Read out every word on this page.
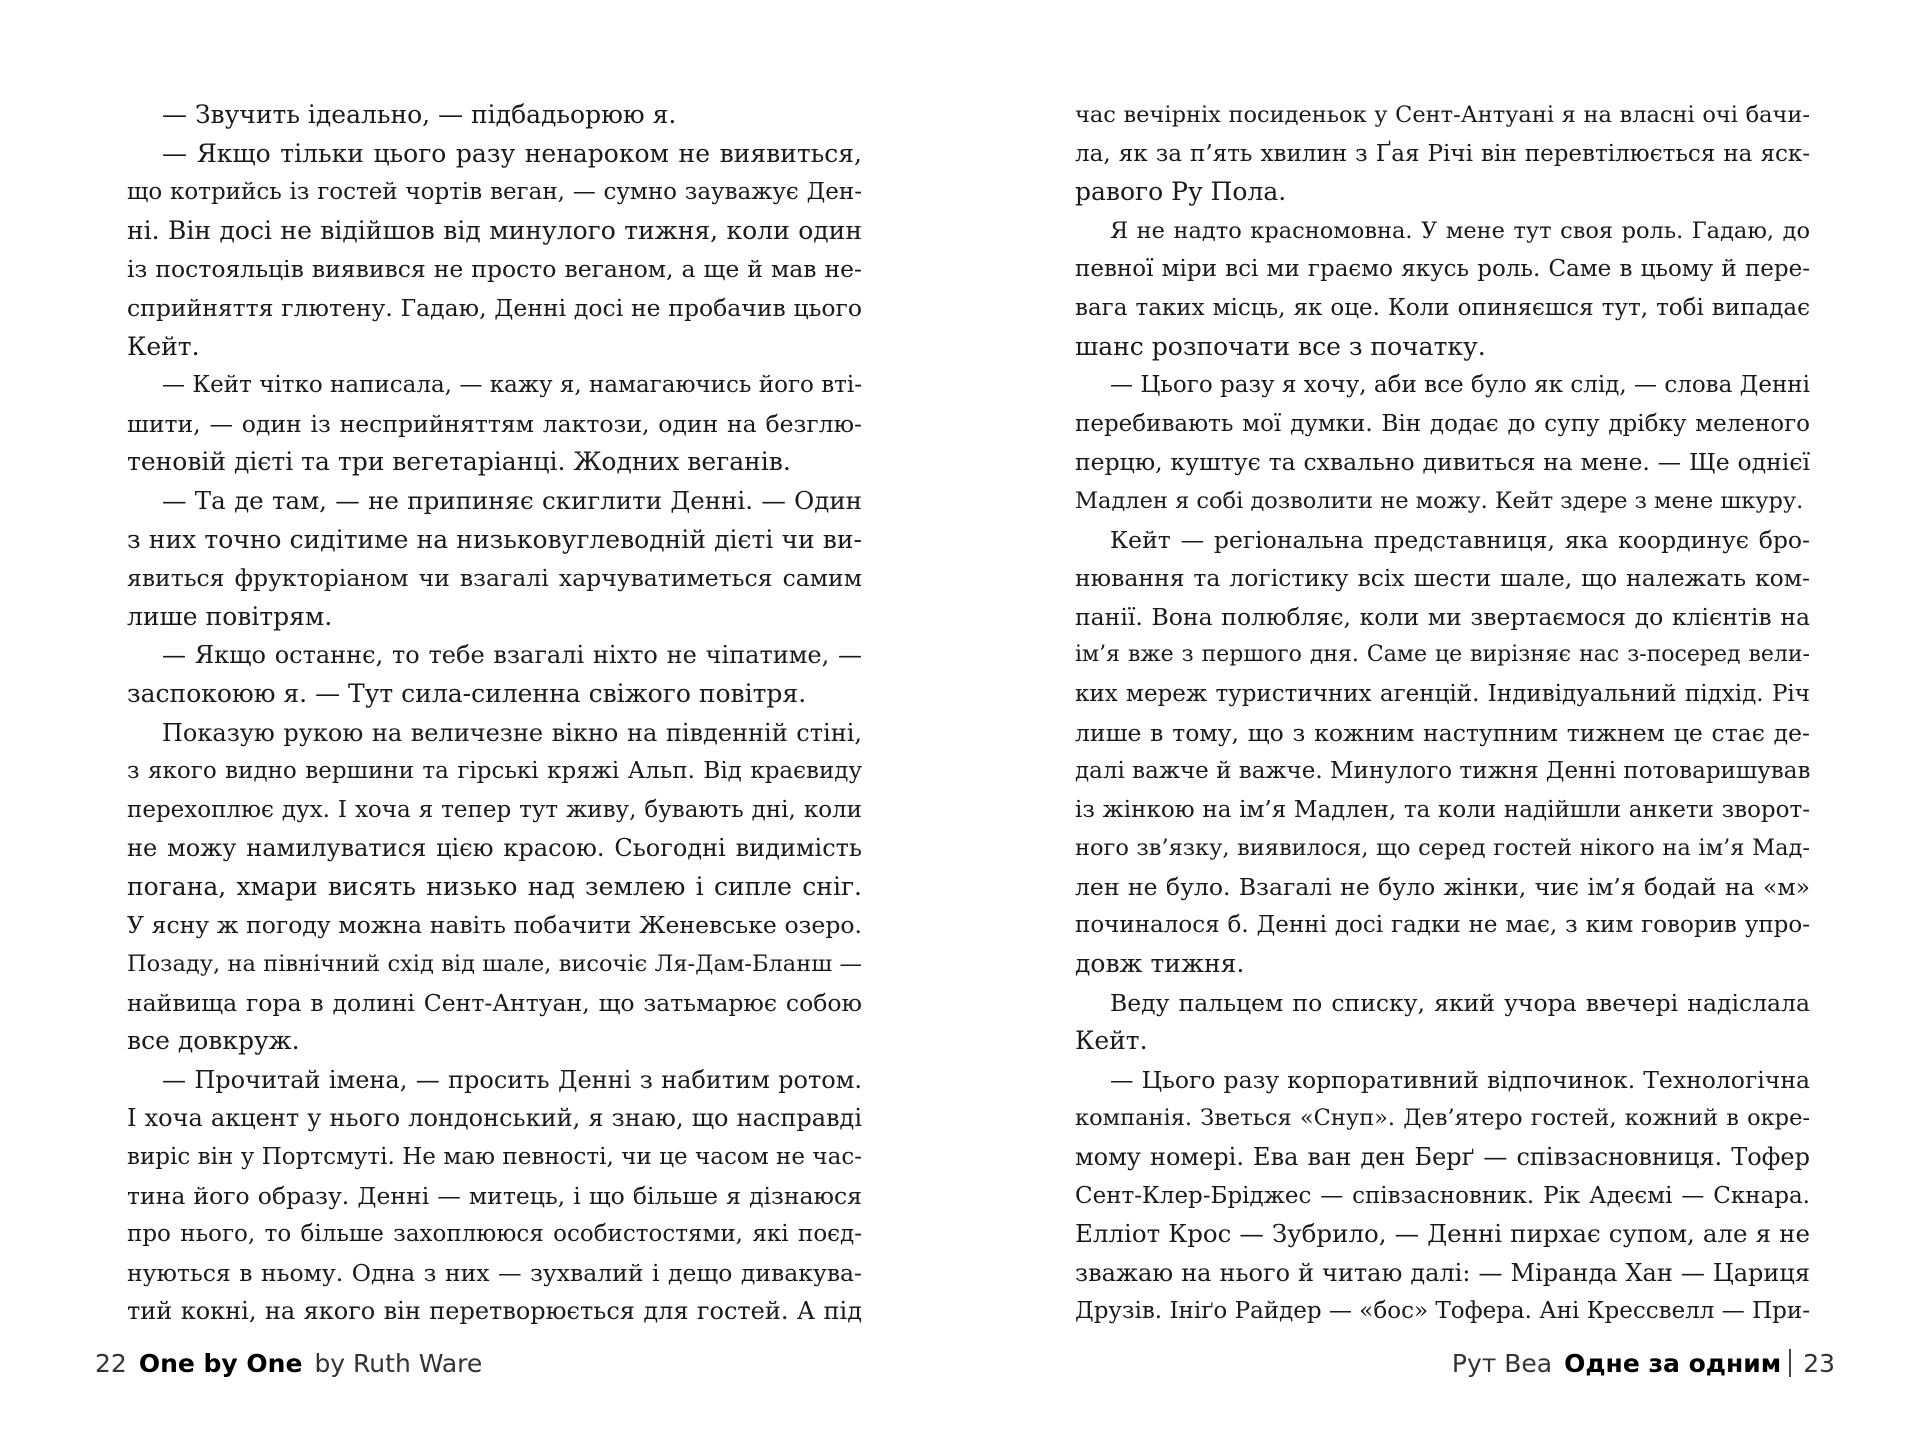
— Звучить ідеально, — підбадьорюю я.

— Якщо тільки цього разу ненароком не виявиться,

що котрийсь із гостей чортів веган, — сумно зауважує Ден-

ні. Він досі не відійшов від минулого тижня, коли один

із постояльців виявився не просто веганом, а ще й мав не-

сприйняття глютену. Гадаю, Денні досі не пробачив цього

Кейт.

— Кейт чітко написала, — кажу я, намагаючись його вті-

шити, — один із несприйняттям лактози, один на безглю-

теновій дієті та три вегетаріанці. Жодних веганів.

— Та де там, — не припиняє скиглити Денні. — Один

з них точно сидітиме на низьковуглеводній дієті чи ви-

явиться фрукторіаном чи взагалі харчуватиметься самим

лише повітрям.

— Якщо останнє, то тебе взагалі ніхто не чіпатиме, —

заспокоюю я. — Тут сила-силенна свіжого повітря.

Показую рукою на величезне вікно на південній стіні,

з якого видно вершини та гірські кряжі Альп. Від краєвиду

перехоплює дух. І хоча я тепер тут живу, бувають дні, коли

не можу намилуватися цією красою. Сьогодні видимість

погана, хмари висять низько над землею і сипле сніг.

У ясну ж погоду можна навіть побачити Женевське озеро.

Позаду, на північний схід від шале, височіє Ля-Дам-Бланш —

найвища гора в долині Сент-Антуан, що затьмарює собою

все довкруж.

— Прочитай імена, — просить Денні з набитим ротом.

І хоча акцент у нього лондонський, я знаю, що насправді

виріс він у Портсмуті. Не маю певності, чи це часом не час-

тина його образу. Денні — митець, і що більше я дізнаюся

про нього, то більше захоплююся особистостями, які поєд-

нуються в ньому. Одна з них — зухвалий і дещо дивакува-

тий кокні, на якого він перетворюється для гостей. А під

час вечірніх посиденьок у Сент-Антуані я на власні очі бачи-

ла, як за п’ять хвилин з Ґая Річі він перевтілюється на яск-

равого Ру Пола.

Я не надто красномовна. У мене тут своя роль. Гадаю, до

певної міри всі ми граємо якусь роль. Саме в цьому й пере-

вага таких місць, як оце. Коли опиняєшся тут, тобі випадає

шанс розпочати все з початку.

— Цього разу я хочу, аби все було як слід, — слова Денні

перебивають мої думки. Він додає до супу дрібку меленого

перцю, куштує та схвально дивиться на мене. — Ще однієї

Мадлен я собі дозволити не можу. Кейт здере з мене шкуру.

Кейт — регіональна представниця, яка координує бро-

нювання та логістику всіх шести шале, що належать ком-

панії. Вона полюбляє, коли ми звертаємося до клієнтів на

ім’я вже з першого дня. Саме це вирізняє нас з-посеред вели-

ких мереж туристичних агенцій. Індивідуальний підхід. Річ

лише в тому, що з кожним наступним тижнем це стає де-

далі важче й важче. Минулого тижня Денні потоваришував

із жінкою на ім’я Мадлен, та коли надійшли анкети зворот-

ного зв’язку, виявилося, що серед гостей нікого на ім’я Мад-

лен не було. Взагалі не було жінки, чиє ім’я бодай на «м»

починалося б. Денні досі гадки не має, з ким говорив упро-

довж тижня.

Веду пальцем по списку, який учора ввечері надіслала

Кейт.

— Цього разу корпоративний відпочинок. Технологічна

компанія. Зветься «Снуп». Дев’ятеро гостей, кожний в окре-

мому номері. Ева ван ден Берґ — співзасновниця. Тофер

Сент-Клер-Бріджес — співзасновник. Рік Адеємі — Скнара.

Елліот Крос — Зубрило, — Денні пирхає супом, але я не

зважаю на нього й читаю далі: — Міранда Хан — Цариця

Друзів. Ініґо Райдер — «бос» Тофера. Ані Крессвелл — При-

22 One by One by Ruth Ware	Рут Веа Одне за одним 23
